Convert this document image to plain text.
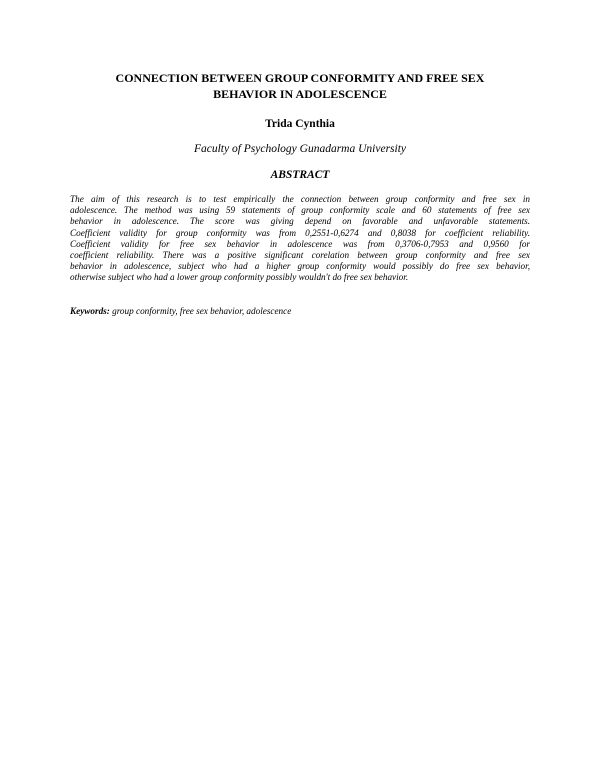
CONNECTION BETWEEN GROUP CONFORMITY AND FREE SEX
BEHAVIOR IN ADOLESCENCE
Trida Cynthia
Faculty of Psychology Gunadarma University
ABSTRACT
The aim of this research is to test empirically the connection between group conformity and free sex in
adolescence. The method was using 59 statements of group conformity scale and 60 statements of free sex
behavior in adolescence. The score was giving depend on favorable and unfavorable statements.
Coefficient validity for group conformity was from 0,2551-0,6274 and 0,8038 for coefficient reliability.
Coefficient validity for free sex behavior in adolescence was from 0,3706-0,7953 and 0,9560 for
coefficient reliability. There was a positive significant corelation between group conformity and free sex
behavior in adolescence, subject who had a higher group conformity would possibly do free sex behavior,
otherwise subject who had a lower group conformity possibly wouldn't do free sex behavior.
Keywords: group conformity, free sex behavior, adolescence
